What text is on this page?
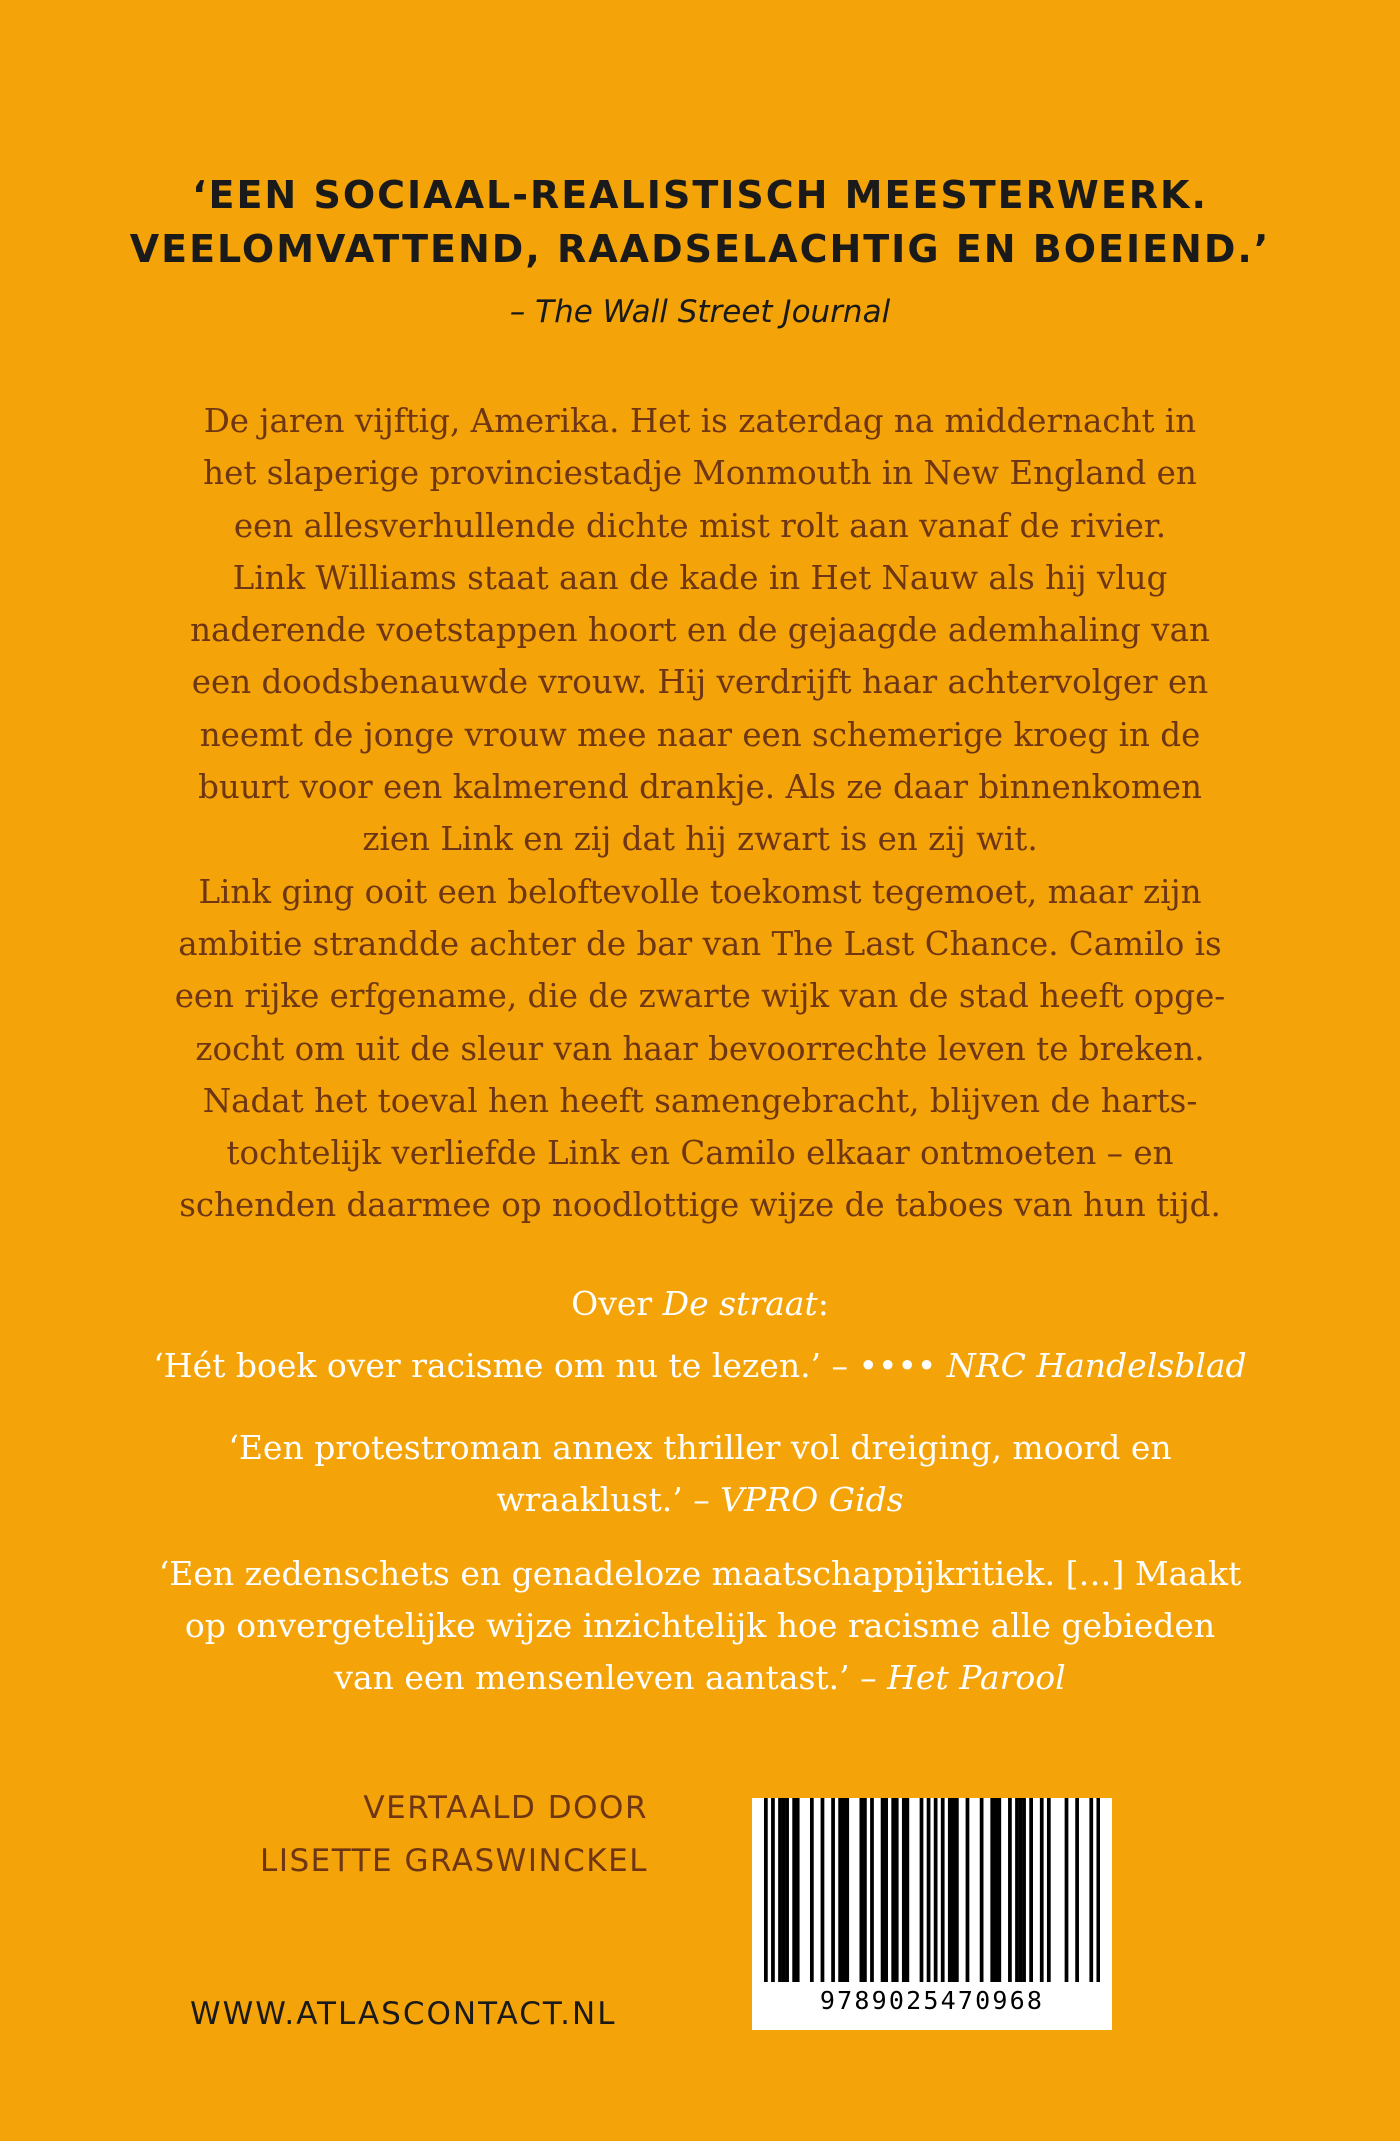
‘EEN SOCIAAL-REALISTISCH MEESTERWERK.
VEELOMVATTEND, RAADSELACHTIG EN BOEIEND.’
– The Wall Street Journal
De jaren vijftig, Amerika. Het is zaterdag na middernacht in
het slaperige provinciestadje Monmouth in New England en
een allesverhullende dichte mist rolt aan vanaf de rivier.
Link Williams staat aan de kade in Het Nauw als hij vlug
naderende voetstappen hoort en de gejaagde ademhaling van
een doodsbenauwde vrouw. Hij verdrijft haar achtervolger en
neemt de jonge vrouw mee naar een schemerige kroeg in de
buurt voor een kalmerend drankje. Als ze daar binnenkomen
zien Link en zij dat hij zwart is en zij wit.
Link ging ooit een beloftevolle toekomst tegemoet, maar zijn
ambitie strandde achter de bar van The Last Chance. Camilo is
een rijke erfgename, die de zwarte wijk van de stad heeft opge-
zocht om uit de sleur van haar bevoorrechte leven te breken.
Nadat het toeval hen heeft samengebracht, blijven de harts-
tochtelijk verliefde Link en Camilo elkaar ontmoeten – en
schenden daarmee op noodlottige wijze de taboes van hun tijd.
Over De straat:
‘Hét boek over racisme om nu te lezen.’ – •••• NRC Handelsblad
‘Een protestroman annex thriller vol dreiging, moord en
wraaklust.’ – VPRO Gids
‘Een zedenschets en genadeloze maatschappijkritiek. […] Maakt
op onvergetelijke wijze inzichtelijk hoe racisme alle gebieden
van een mensenleven aantast.’ – Het Parool
VERTAALD DOOR
LISETTE GRASWINCKEL
WWW.ATLASCONTACT.NL	9789025470968
